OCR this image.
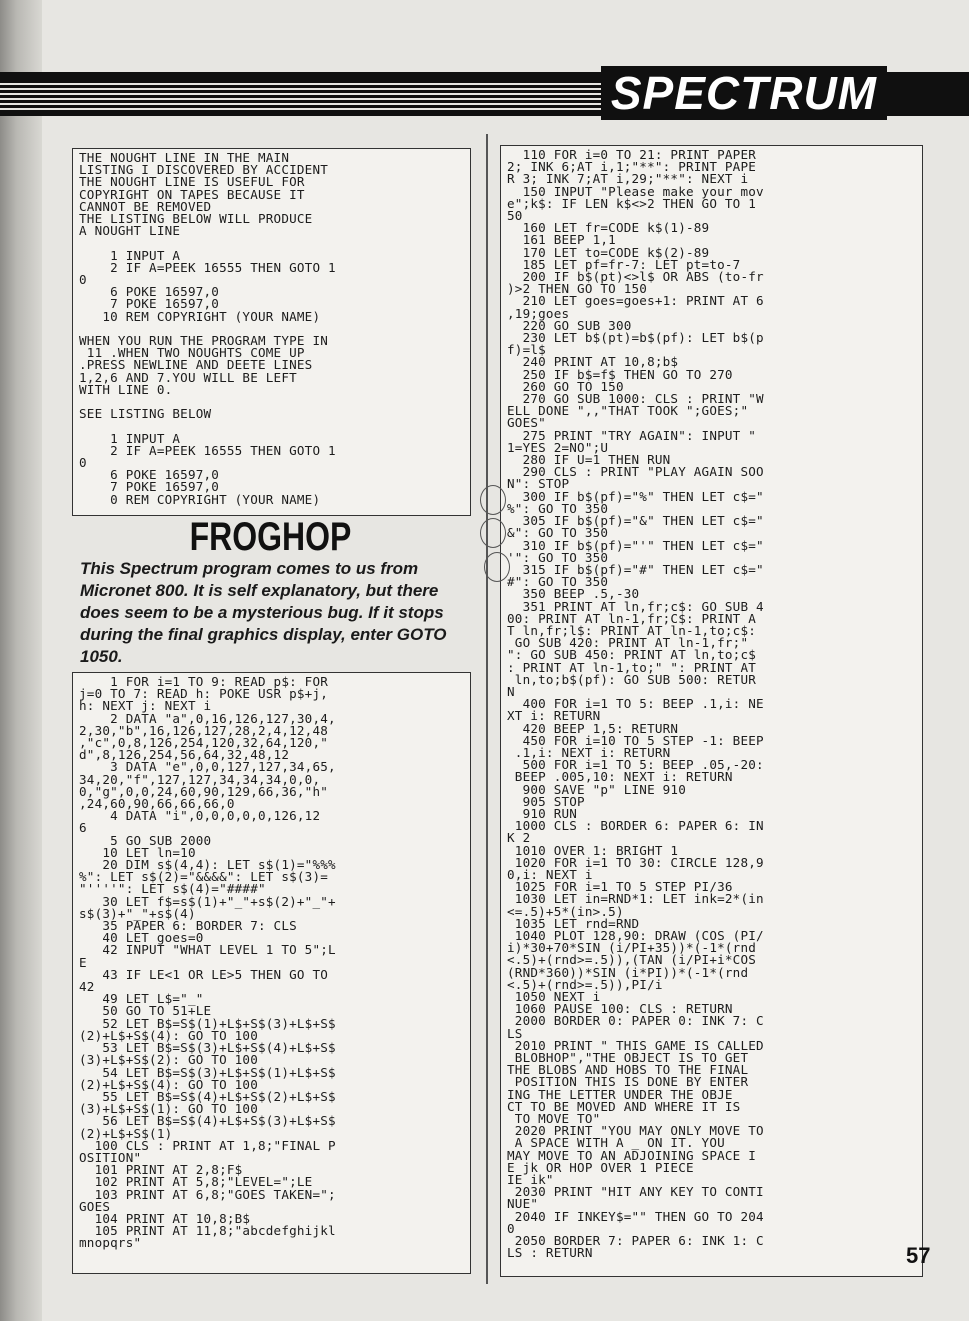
SPECTRUM
THE NOUGHT LINE IN THE MAIN
LISTING I DISCOVERED BY ACCIDENT
THE NOUGHT LINE IS USEFUL FOR
COPYRIGHT ON TAPES BECAUSE IT
CANNOT BE REMOVED
THE LISTING BELOW WILL PRODUCE
A NOUGHT LINE

1 INPUT A
2 IF A=PEEK 16555 THEN GOTO 1
0
6 POKE 16597,0
7 POKE 16597,0
10 REM COPYRIGHT (YOUR NAME)

WHEN YOU RUN THE PROGRAM TYPE IN
11 .WHEN TWO NOUGHTS COME UP
.PRESS NEWLINE AND DEETE LINES
1,2,6 AND 7.YOU WILL BE LEFT
WITH LINE 0.

SEE LISTING BELOW

1 INPUT A
2 IF A=PEEK 16555 THEN GOTO 1
0
6 POKE 16597,0
7 POKE 16597,0
0 REM COPYRIGHT (YOUR NAME)
FROGHOP

This Spectrum program comes to us from Micronet 800. It is self explanatory, but there does seem to be a mysterious bug. If it stops during the final graphics display, enter GOTO 1050.

1 FOR i=1 TO 9: READ p$: FOR
j=0 TO 7: READ h: POKE USR p$+j,
h: NEXT j: NEXT i
2 DATA "a",0,16,126,127,30,4,
2,30,"b",16,126,127,28,2,4,12,48
,"c",0,8,126,254,120,32,64,120,"
d",8,126,254,56,64,32,48,12
3 DATA "e",0,0,127,127,34,65,
34,20,"f",127,127,34,34,34,0,0,
0,"g",0,0,24,60,90,129,66,36,"h"
,24,60,90,66,66,66,0
4 DATA "i",0,0,0,0,0,126,12
6
5 GO SUB 2000
10 LET ln=10
20 DIM s$(4,4): LET s$(1)="%%%
%": LET s$(2)="&&&&": LET s$(3)=
"''''": LET s$(4)="####"
30 LET f$=s$(1)+"_"+s$(2)+"_"+
s$(3)+"_"+s$(4)
35 PAPER 6: BORDER 7: CLS
40 LET goes=0
42 INPUT "WHAT LEVEL 1 TO 5";L
E
43 IF LE<1 OR LE>5 THEN GO TO
42
49 LET L$="_"
50 GO TO 51+LE
52 LET B$=S$(1)+L$+S$(3)+L$+S$
(2)+L$+S$(4): GO TO 100
53 LET B$=S$(3)+L$+S$(4)+L$+S$
(3)+L$+S$(2): GO TO 100
54 LET B$=S$(3)+L$+S$(1)+L$+S$
(2)+L$+S$(4): GO TO 100
55 LET B$=S$(4)+L$+S$(2)+L$+S$
(3)+L$+S$(1): GO TO 100
56 LET B$=S$(4)+L$+S$(3)+L$+S$
(2)+L$+S$(1)
100 CLS : PRINT AT 1,8;"FINAL P
OSITION"
101 PRINT AT 2,8;F$
102 PRINT AT 5,8;"LEVEL=";LE
103 PRINT AT 6,8;"GOES TAKEN=";
GOES
104 PRINT AT 10,8;B$
105 PRINT AT 11,8;"abcdefghijkl
mnopqrs"
110 FOR i=0 TO 21: PRINT PAPER
2; INK 6;AT i,1;"**": PRINT PAPE
R 3; INK 7;AT i,29;"**": NEXT i
150 INPUT "Please make your mov
e";k$: IF LEN k$<>2 THEN GO TO 1
50
160 LET fr=CODE k$(1)-89
161 BEEP 1,1
170 LET to=CODE k$(2)-89
185 LET pf=fr-7: LET pt=to-7
200 IF b$(pt)<>l$ OR ABS (to-fr
)>2 THEN GO TO 150
210 LET goes=goes+1: PRINT AT 6
,19;goes
220 GO SUB 300
230 LET b$(pt)=b$(pf): LET b$(p
f)=l$
240 PRINT AT 10,8;b$
250 IF b$=f$ THEN GO TO 270
260 GO TO 150
270 GO SUB 1000: CLS : PRINT "W
ELL DONE ",,"THAT TOOK ";GOES;"
GOES"
275 PRINT "TRY AGAIN": INPUT "
1=YES 2=NO";U
280 IF U=1 THEN RUN
290 CLS : PRINT "PLAY AGAIN SOO
N": STOP
300 IF b$(pf)="%" THEN LET c$="
%": GO TO 350
305 IF b$(pf)="&" THEN LET c$="
&": GO TO 350
310 IF b$(pf)="'" THEN LET c$="
'": GO TO 350
315 IF b$(pf)="#" THEN LET c$="
#": GO TO 350
350 BEEP .5,-30
351 PRINT AT ln,fr;c$: GO SUB 4
00: PRINT AT ln-1,fr;C$: PRINT A
T ln,fr;l$: PRINT AT ln-1,to;c$:
GO SUB 420: PRINT AT ln-1,fr;"
": GO SUB 450: PRINT AT ln,to;c$
: PRINT AT ln-1,to;" ": PRINT AT
ln,to;b$(pf): GO SUB 500: RETUR
N
400 FOR i=1 TO 5: BEEP .1,i: NE
XT i: RETURN
420 BEEP 1,5: RETURN
450 FOR i=10 TO 5 STEP -1: BEEP
.1,i: NEXT i: RETURN
500 FOR i=1 TO 5: BEEP .05,-20:
BEEP .005,10: NEXT i: RETURN
900 SAVE "p" LINE 910
905 STOP
910 RUN
1000 CLS : BORDER 6: PAPER 6: IN
K 2
1010 OVER 1: BRIGHT 1
1020 FOR i=1 TO 30: CIRCLE 128,9
0,i: NEXT i
1025 FOR i=1 TO 5 STEP PI/36
1030 LET in=RND*1: LET ink=2*(in
<=.5)+5*(in>.5)
1035 LET rnd=RND
1040 PLOT 128,90: DRAW (COS (PI/
i)*30+70*SIN (i/PI+35))*(-1*(rnd
<.5)+(rnd>=.5)),(TAN (i/PI+i*COS
(RND*360))*SIN (i*PI))*(-1*(rnd
<.5)+(rnd>=.5)),PI/i
1050 NEXT i
1060 PAUSE 100: CLS : RETURN
2000 BORDER 0: PAPER 0: INK 7: C
LS
2010 PRINT " THIS GAME IS CALLED
BLOBHOP","THE OBJECT IS TO GET
THE BLOBS AND HOBS TO THE FINAL
POSITION THIS IS DONE BY ENTER
ING THE LETTER UNDER THE OBJE
CT TO BE MOVED AND WHERE IT IS
TO MOVE TO"
2020 PRINT "YOU MAY ONLY MOVE TO
A SPACE WITH A _ ON IT. YOU
MAY MOVE TO AN ADJOINING SPACE I
E jk OR HOP OVER 1 PIECE
IE ik"
2030 PRINT "HIT ANY KEY TO CONTI
NUE"
2040 IF INKEY$="" THEN GO TO 204
0
2050 BORDER 7: PAPER 6: INK 1: C
LS : RETURN	57
